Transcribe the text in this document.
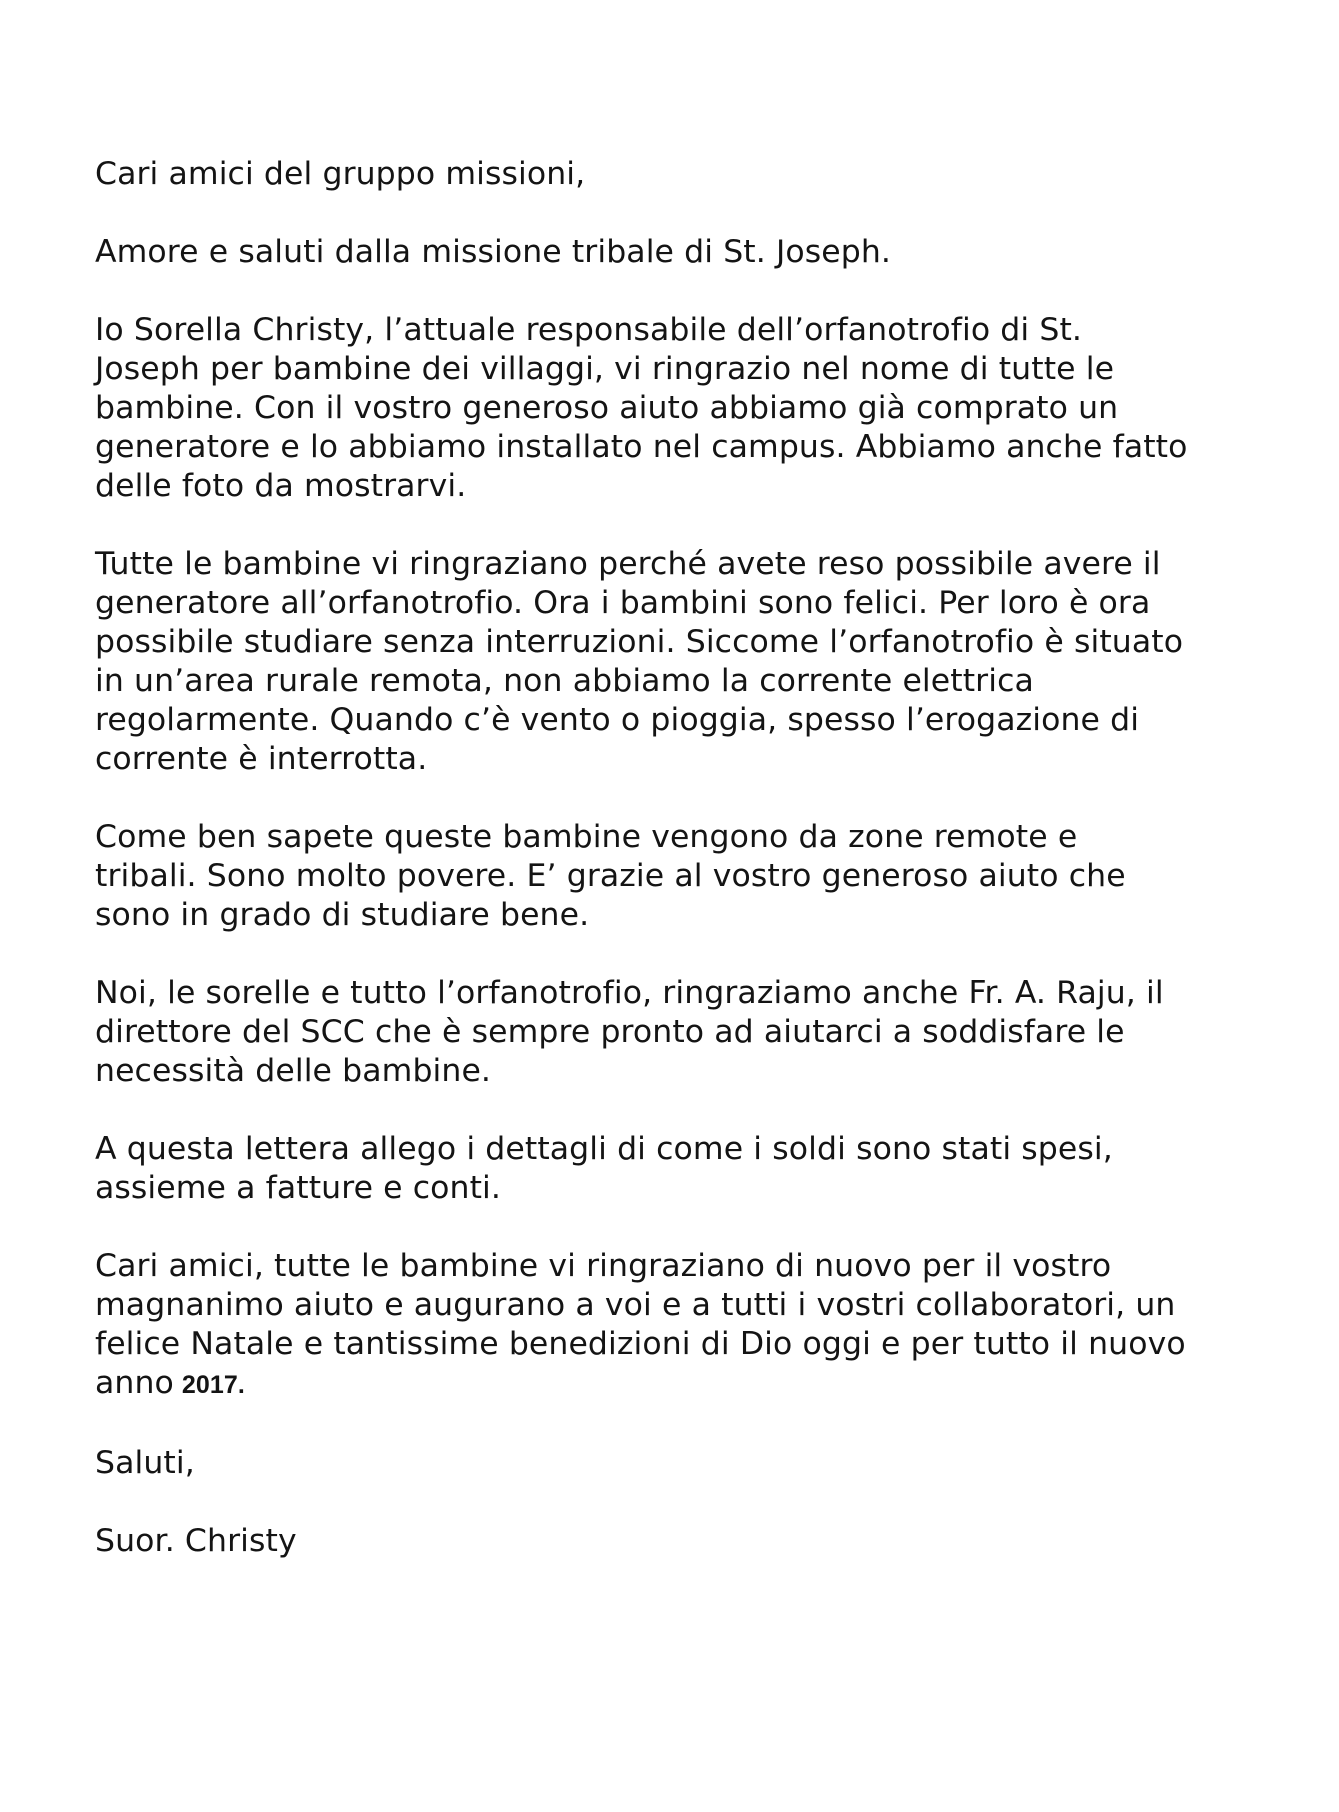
Cari amici del gruppo missioni,

Amore e saluti dalla missione tribale di St. Joseph.

Io Sorella Christy, l’attuale responsabile dell’orfanotrofio di St.
Joseph per bambine dei villaggi, vi ringrazio nel nome di tutte le
bambine. Con il vostro generoso aiuto abbiamo già comprato un
generatore e lo abbiamo installato nel campus. Abbiamo anche fatto
delle foto da mostrarvi.

Tutte le bambine vi ringraziano perché avete reso possibile avere il
generatore all’orfanotrofio. Ora i bambini sono felici. Per loro è ora
possibile studiare senza interruzioni. Siccome l’orfanotrofio è situato
in un’area rurale remota, non abbiamo la corrente elettrica
regolarmente. Quando c’è vento o pioggia, spesso l’erogazione di
corrente è interrotta.

Come ben sapete queste bambine vengono da zone remote e
tribali. Sono molto povere. E’ grazie al vostro generoso aiuto che
sono in grado di studiare bene.

Noi, le sorelle e tutto l’orfanotrofio, ringraziamo anche Fr. A. Raju, il
direttore del SCC che è sempre pronto ad aiutarci a soddisfare le
necessità delle bambine.

A questa lettera allego i dettagli di come i soldi sono stati spesi,
assieme a fatture e conti.

Cari amici, tutte le bambine vi ringraziano di nuovo per il vostro
magnanimo aiuto e augurano a voi e a tutti i vostri collaboratori, un
felice Natale e tantissime benedizioni di Dio oggi e per tutto il nuovo
anno 2017.

Saluti,

Suor. Christy
